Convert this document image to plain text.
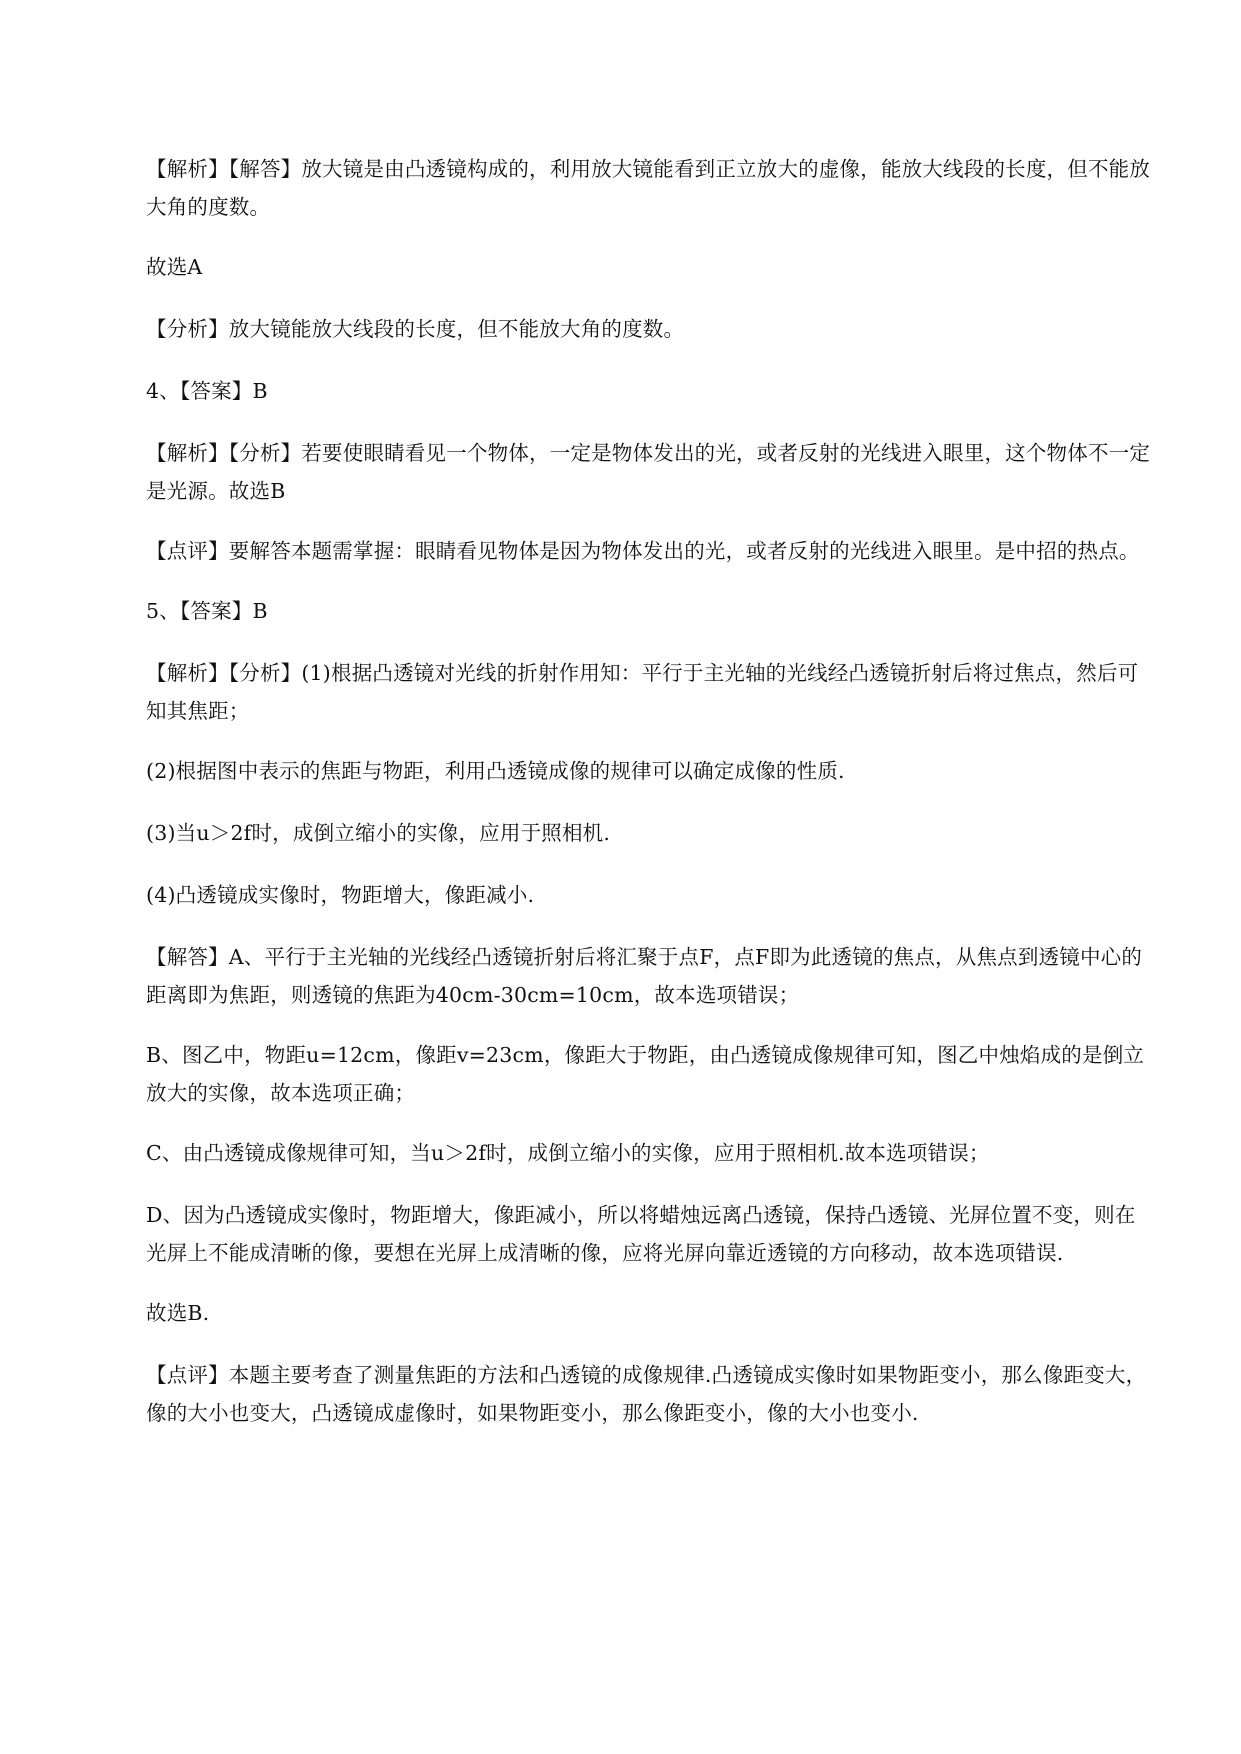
【解析】【解答】放大镜是由凸透镜构成的，利用放大镜能看到正立放大的虚像，能放大线段的长度，但不能放大角的度数。

故选A

【分析】放大镜能放大线段的长度，但不能放大角的度数。

4、【答案】B

【解析】【分析】若要使眼睛看见一个物体，一定是物体发出的光，或者反射的光线进入眼里，这个物体不一定是光源。故选B

【点评】要解答本题需掌握：眼睛看见物体是因为物体发出的光，或者反射的光线进入眼里。是中招的热点。

5、【答案】B

【解析】【分析】(1)根据凸透镜对光线的折射作用知：平行于主光轴的光线经凸透镜折射后将过焦点，然后可知其焦距；

(2)根据图中表示的焦距与物距，利用凸透镜成像的规律可以确定成像的性质.

(3)当u＞2f时，成倒立缩小的实像，应用于照相机.

(4)凸透镜成实像时，物距增大，像距减小.

【解答】A、平行于主光轴的光线经凸透镜折射后将汇聚于点F，点F即为此透镜的焦点，从焦点到透镜中心的距离即为焦距，则透镜的焦距为40cm-30cm=10cm，故本选项错误；

B、图乙中，物距u=12cm，像距v=23cm，像距大于物距，由凸透镜成像规律可知，图乙中烛焰成的是倒立放大的实像，故本选项正确；

C、由凸透镜成像规律可知，当u＞2f时，成倒立缩小的实像，应用于照相机.故本选项错误；

D、因为凸透镜成实像时，物距增大，像距减小，所以将蜡烛远离凸透镜，保持凸透镜、光屏位置不变，则在光屏上不能成清晰的像，要想在光屏上成清晰的像，应将光屏向靠近透镜的方向移动，故本选项错误.

故选B.

【点评】本题主要考查了测量焦距的方法和凸透镜的成像规律.凸透镜成实像时如果物距变小，那么像距变大，像的大小也变大，凸透镜成虚像时，如果物距变小，那么像距变小，像的大小也变小.
